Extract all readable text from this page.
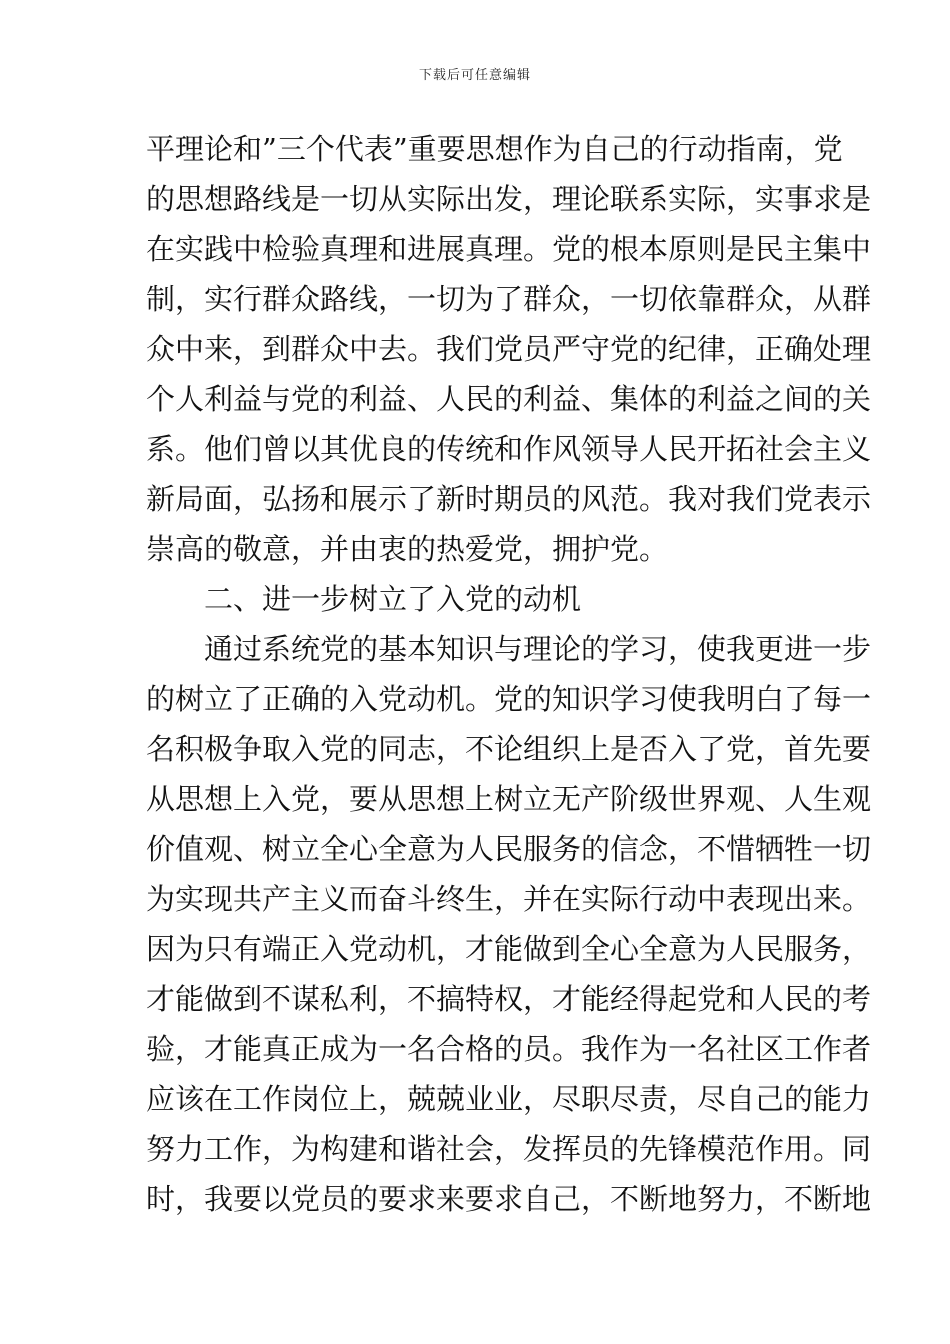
下载后可任意编辑
平理论和”三个代表”重要思想作为自己的行动指南，党
的思想路线是一切从实际出发，理论联系实际，实事求是
在实践中检验真理和进展真理。党的根本原则是民主集中
制，实行群众路线，一切为了群众，一切依靠群众，从群
众中来，到群众中去。我们党员严守党的纪律，正确处理
个人利益与党的利益、人民的利益、集体的利益之间的关
系。他们曾以其优良的传统和作风领导人民开拓社会主义
新局面，弘扬和展示了新时期员的风范。我对我们党表示
崇高的敬意，并由衷的热爱党，拥护党。
二、进一步树立了入党的动机
通过系统党的基本知识与理论的学习，使我更进一步
的树立了正确的入党动机。党的知识学习使我明白了每一
名积极争取入党的同志，不论组织上是否入了党，首先要
从思想上入党，要从思想上树立无产阶级世界观、人生观
价值观、树立全心全意为人民服务的信念，不惜牺牲一切
为实现共产主义而奋斗终生，并在实际行动中表现出来。
因为只有端正入党动机，才能做到全心全意为人民服务，
才能做到不谋私利，不搞特权，才能经得起党和人民的考
验，才能真正成为一名合格的员。我作为一名社区工作者
应该在工作岗位上，兢兢业业，尽职尽责，尽自己的能力
努力工作，为构建和谐社会，发挥员的先锋模范作用。同
时，我要以党员的要求来要求自己，不断地努力，不断地
